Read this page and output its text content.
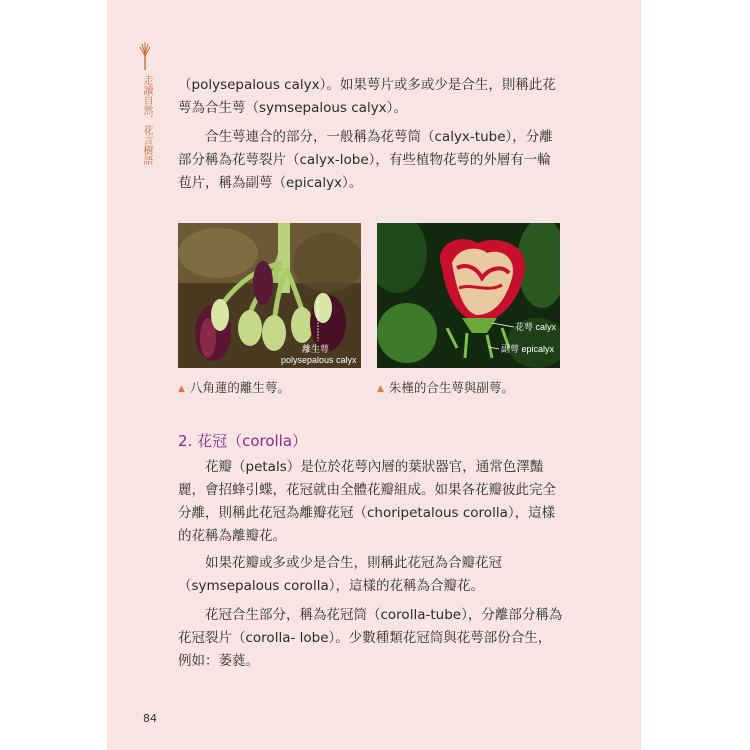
走讀自然．花言樹語 （polysepalous calyx）。如果萼片或多或少是合生，則稱此花萼為合生萼（symsepalous calyx）。

合生萼連合的部分，一般稱為花萼筒（calyx-tube），分離部分稱為花萼裂片（calyx-lobe），有些植物花萼的外層有一輪苞片，稱為副萼（epicalyx）。

離生萼
polysepalous calyx
花萼 calyx
副萼 epicalyx
▲ 八角蓮的離生萼。	▲ 朱槿的合生萼與副萼。
2. 花冠（corolla）

花瓣（petals）是位於花萼內層的葉狀器官，通常色澤豔麗，會招蜂引蝶，花冠就由全體花瓣組成。如果各花瓣彼此完全分離，則稱此花冠為離瓣花冠（choripetalous corolla），這樣的花稱為離瓣花。

如果花瓣或多或少是合生，則稱此花冠為合瓣花冠（symsepalous corolla），這樣的花稱為合瓣花。

花冠合生部分，稱為花冠筒（corolla-tube），分離部分稱為花冠裂片（corolla- lobe）。少數種類花冠筒與花萼部份合生，例如：萎蕤。

84
